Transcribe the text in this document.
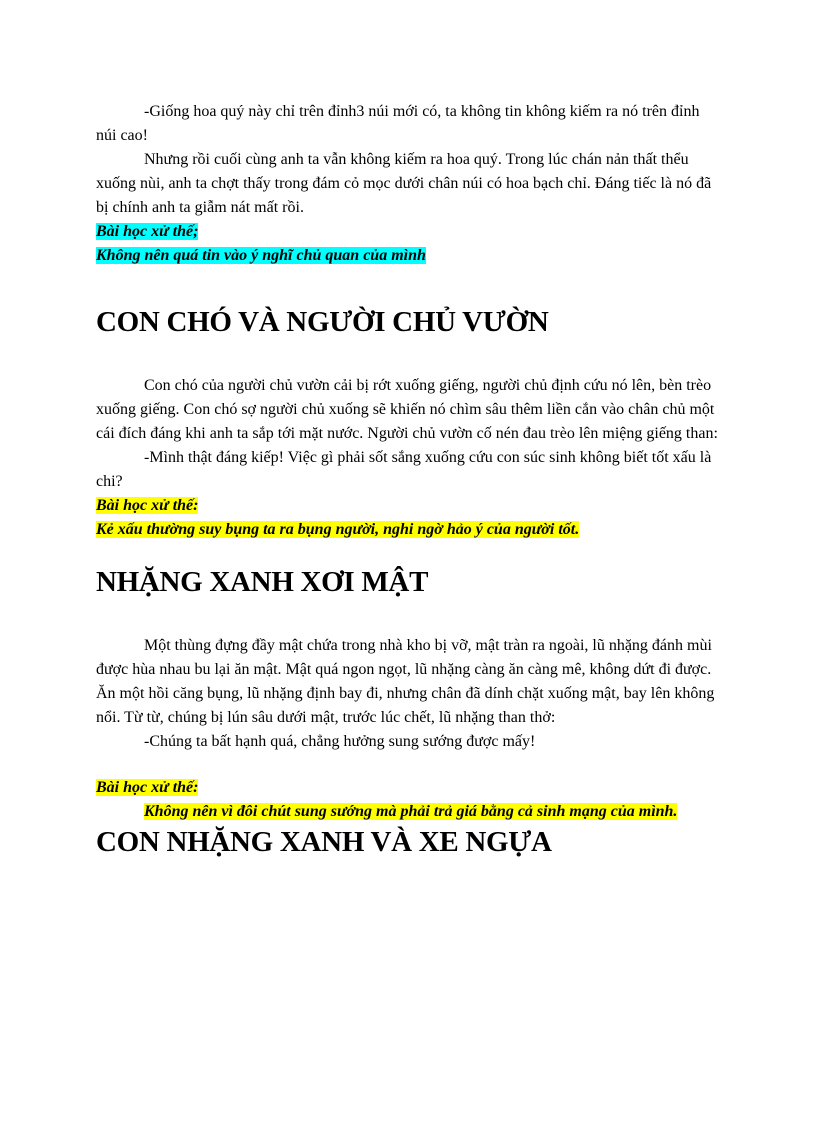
-Giống hoa quý này chỉ trên đỉnh3 núi mới có, ta không tin không kiếm ra nó trên đỉnh núi cao!

Nhưng rồi cuối cùng anh ta vẫn không kiếm ra hoa quý. Trong lúc chán nản thất thểu xuống nùi, anh ta chợt thấy trong đám cỏ mọc dưới chân núi có hoa bạch chỉ. Đáng tiếc là nó đã bị chính anh ta giẫm nát mất rồi.

Bài học xử thế;

Không nên quá tin vào ý nghĩ chủ quan của mình

CON CHÓ VÀ NGƯỜI CHỦ VƯỜN

Con chó của người chủ vườn cải bị rớt xuống giếng, người chủ định cứu nó lên, bèn trèo xuống giếng. Con chó sợ người chủ xuống sẽ khiến nó chìm sâu thêm liền cắn vào chân chủ một cái đích đáng khi anh ta sắp tới mặt nước. Người chủ vườn cố nén đau trèo lên miệng giếng than:

-Mình thật đáng kiếp! Việc gì phải sốt sắng xuống cứu con súc sinh không biết tốt xấu là chi?

Bài học xử thế:

Kẻ xấu thường suy bụng ta ra bụng người, nghi ngờ hảo ý của người tốt.

NHẶNG XANH XƠI MẬT

Một thùng đựng đầy mật chứa trong nhà kho bị vỡ, mật tràn ra ngoài, lũ nhặng đánh mùi được hùa nhau bu lại ăn mật. Mật quá ngon ngọt, lũ nhặng càng ăn càng mê, không dứt đi được. Ăn một hồi căng bụng, lũ nhặng định bay đi, nhưng chân đã dính chặt xuống mật, bay lên không nổi. Từ từ, chúng bị lún sâu dưới mật, trước lúc chết, lũ nhặng than thở:

-Chúng ta bất hạnh quá, chẳng hưởng sung sướng được mấy!

Bài học xử thế:

Không nên vì đôi chút sung sướng mà phải trả giá bằng cả sinh mạng của mình.

CON NHẶNG XANH VÀ XE NGỰA
